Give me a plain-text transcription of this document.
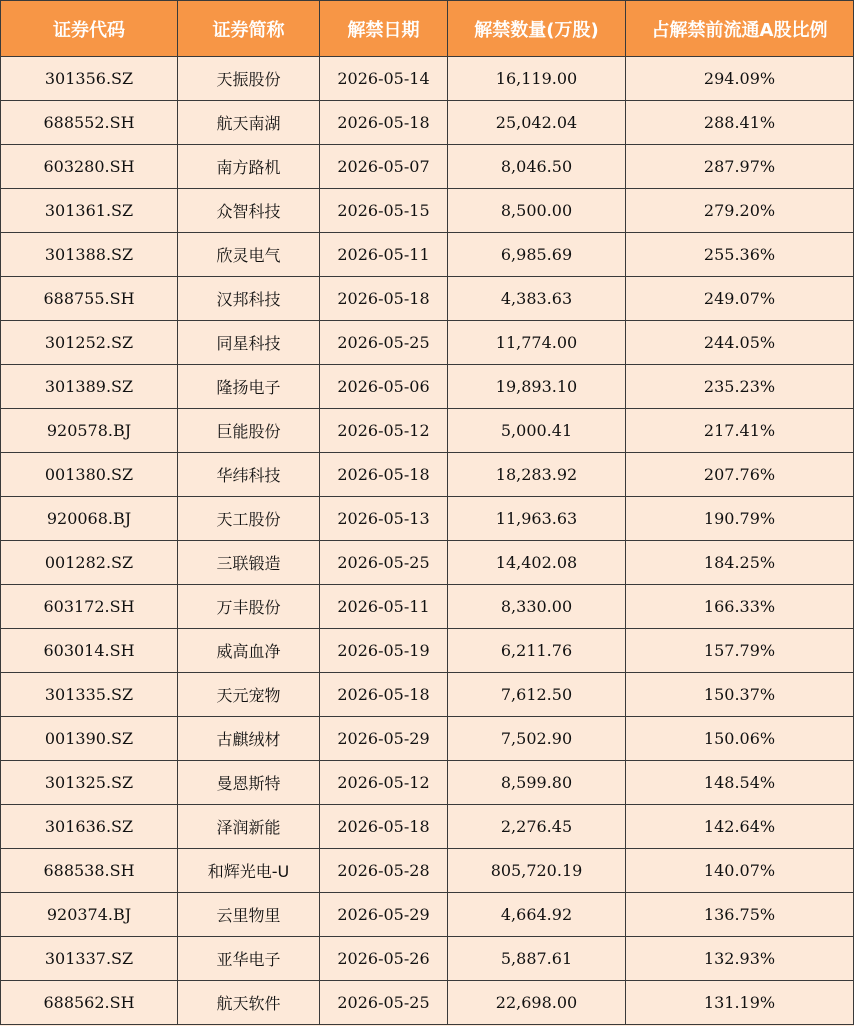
证券代码	证券简称	解禁日期	解禁数量(万股)	占解禁前流通A股比例
301356.SZ	天振股份	2026-05-14	16,119.00	294.09%
688552.SH	航天南湖	2026-05-18	25,042.04	288.41%
603280.SH	南方路机	2026-05-07	8,046.50	287.97%
301361.SZ	众智科技	2026-05-15	8,500.00	279.20%
301388.SZ	欣灵电气	2026-05-11	6,985.69	255.36%
688755.SH	汉邦科技	2026-05-18	4,383.63	249.07%
301252.SZ	同星科技	2026-05-25	11,774.00	244.05%
301389.SZ	隆扬电子	2026-05-06	19,893.10	235.23%
920578.BJ	巨能股份	2026-05-12	5,000.41	217.41%
001380.SZ	华纬科技	2026-05-18	18,283.92	207.76%
920068.BJ	天工股份	2026-05-13	11,963.63	190.79%
001282.SZ	三联锻造	2026-05-25	14,402.08	184.25%
603172.SH	万丰股份	2026-05-11	8,330.00	166.33%
603014.SH	威高血净	2026-05-19	6,211.76	157.79%
301335.SZ	天元宠物	2026-05-18	7,612.50	150.37%
001390.SZ	古麒绒材	2026-05-29	7,502.90	150.06%
301325.SZ	曼恩斯特	2026-05-12	8,599.80	148.54%
301636.SZ	泽润新能	2026-05-18	2,276.45	142.64%
688538.SH	和辉光电-U	2026-05-28	805,720.19	140.07%
920374.BJ	云里物里	2026-05-29	4,664.92	136.75%
301337.SZ	亚华电子	2026-05-26	5,887.61	132.93%
688562.SH	航天软件	2026-05-25	22,698.00	131.19%
